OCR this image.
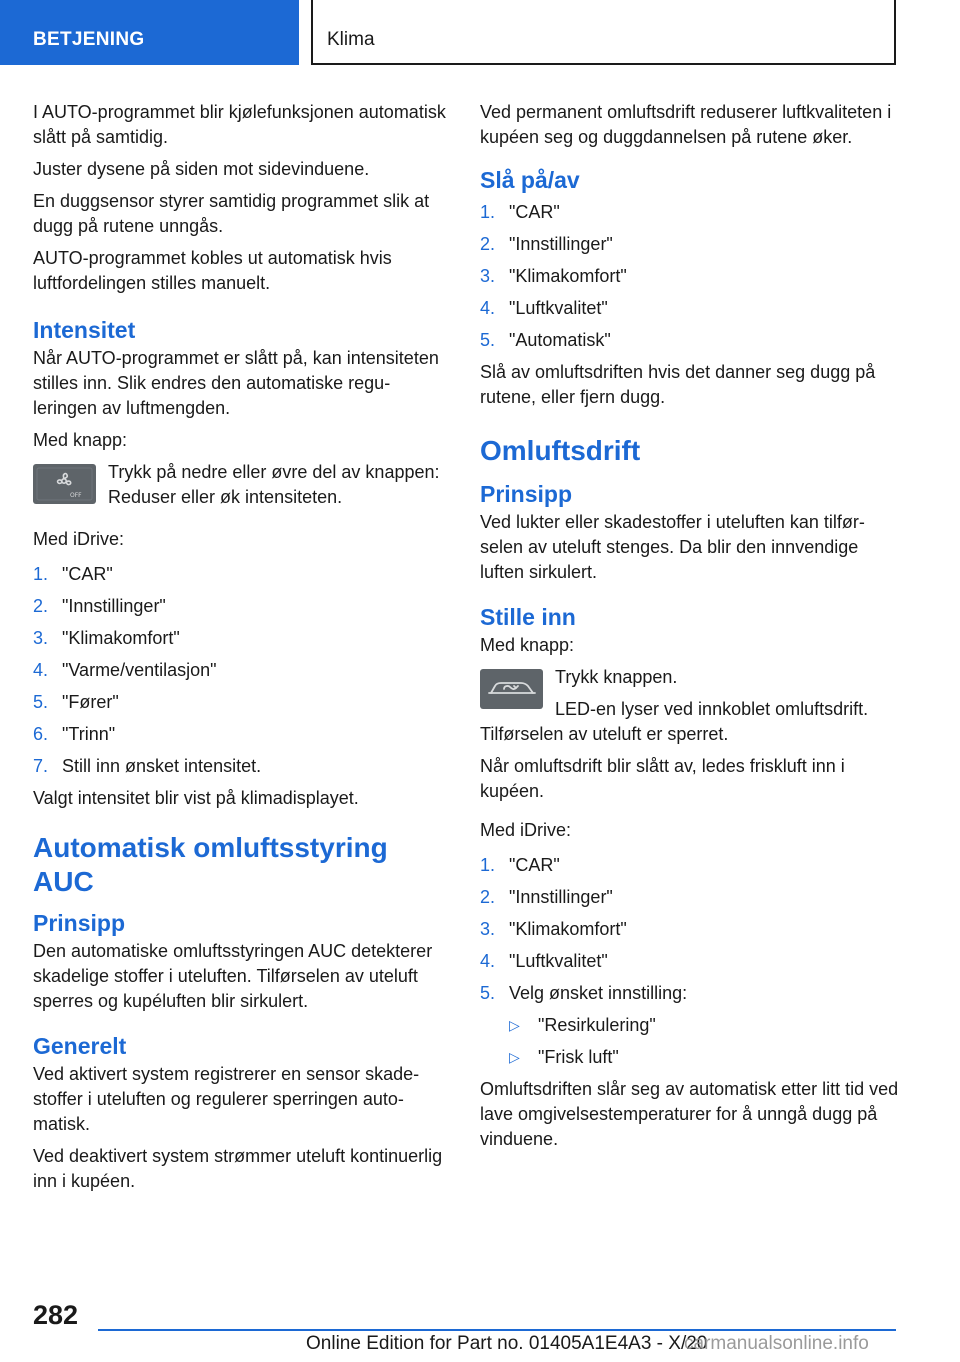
BETJENING	Klima

I AUTO-programmet blir kjølefunksjonen automatisk slått på samtidig.

Juster dysene på siden mot sidevinduene.

En duggsensor styrer samtidig programmet slik at dugg på rutene unngås.

AUTO-programmet kobles ut automatisk hvis luftfordelingen stilles manuelt.

Intensitet

Når AUTO-programmet er slått på, kan intensiteten stilles inn. Slik endres den automatiske reguleringen av luftmengden.

Med knapp:

OFF

Trykk på nedre eller øvre del av knappen: Reduser eller øk intensiteten.

Med iDrive:

1. "CAR"
2. "Innstillinger"
3. "Klimakomfort"
4. "Varme/ventilasjon"
5. "Fører"
6. "Trinn"
7. Still inn ønsket intensitet.

Valgt intensitet blir vist på klimadisplayet.

Automatisk omluftsstyring AUC
Prinsipp

Den automatiske omluftsstyringen AUC detekterer skadelige stoffer i uteluften. Tilførselen av uteluft sperres og kupéluften blir sirkulert.

Generelt

Ved aktivert system registrerer en sensor skadestoffer i uteluften og regulerer sperringen automatisk.

Ved deaktivert system strømmer uteluft kontinuerlig inn i kupéen.

Ved permanent omluftsdrift reduserer luftkvaliteten i kupéen seg og duggdannelsen på rutene øker.

Slå på/av
1. "CAR"
2. "Innstillinger"
3. "Klimakomfort"
4. "Luftkvalitet"
5. "Automatisk"

Slå av omluftsdriften hvis det danner seg dugg på rutene, eller fjern dugg.

Omluftsdrift
Prinsipp

Ved lukter eller skadestoffer i uteluften kan tilførselen av uteluft stenges. Da blir den innvendige luften sirkulert.

Stille inn

Med knapp:

Trykk knappen.

LED-en lyser ved innkoblet omluftsdrift.

Tilførselen av uteluft er sperret.

Når omluftsdrift blir slått av, ledes friskluft inn i kupéen.

Med iDrive:

1. "CAR"
2. "Innstillinger"
3. "Klimakomfort"
4. "Luftkvalitet"
5. Velg ønsket innstilling:
▷ "Resirkulering"
▷ "Frisk luft"

Omluftsdriften slår seg av automatisk etter litt tid ved lave omgivelsestemperaturer for å unngå dugg på vinduene.

282
Online Edition for Part no. 01405A1E4A3 - X/20
carmanualsonline.info
